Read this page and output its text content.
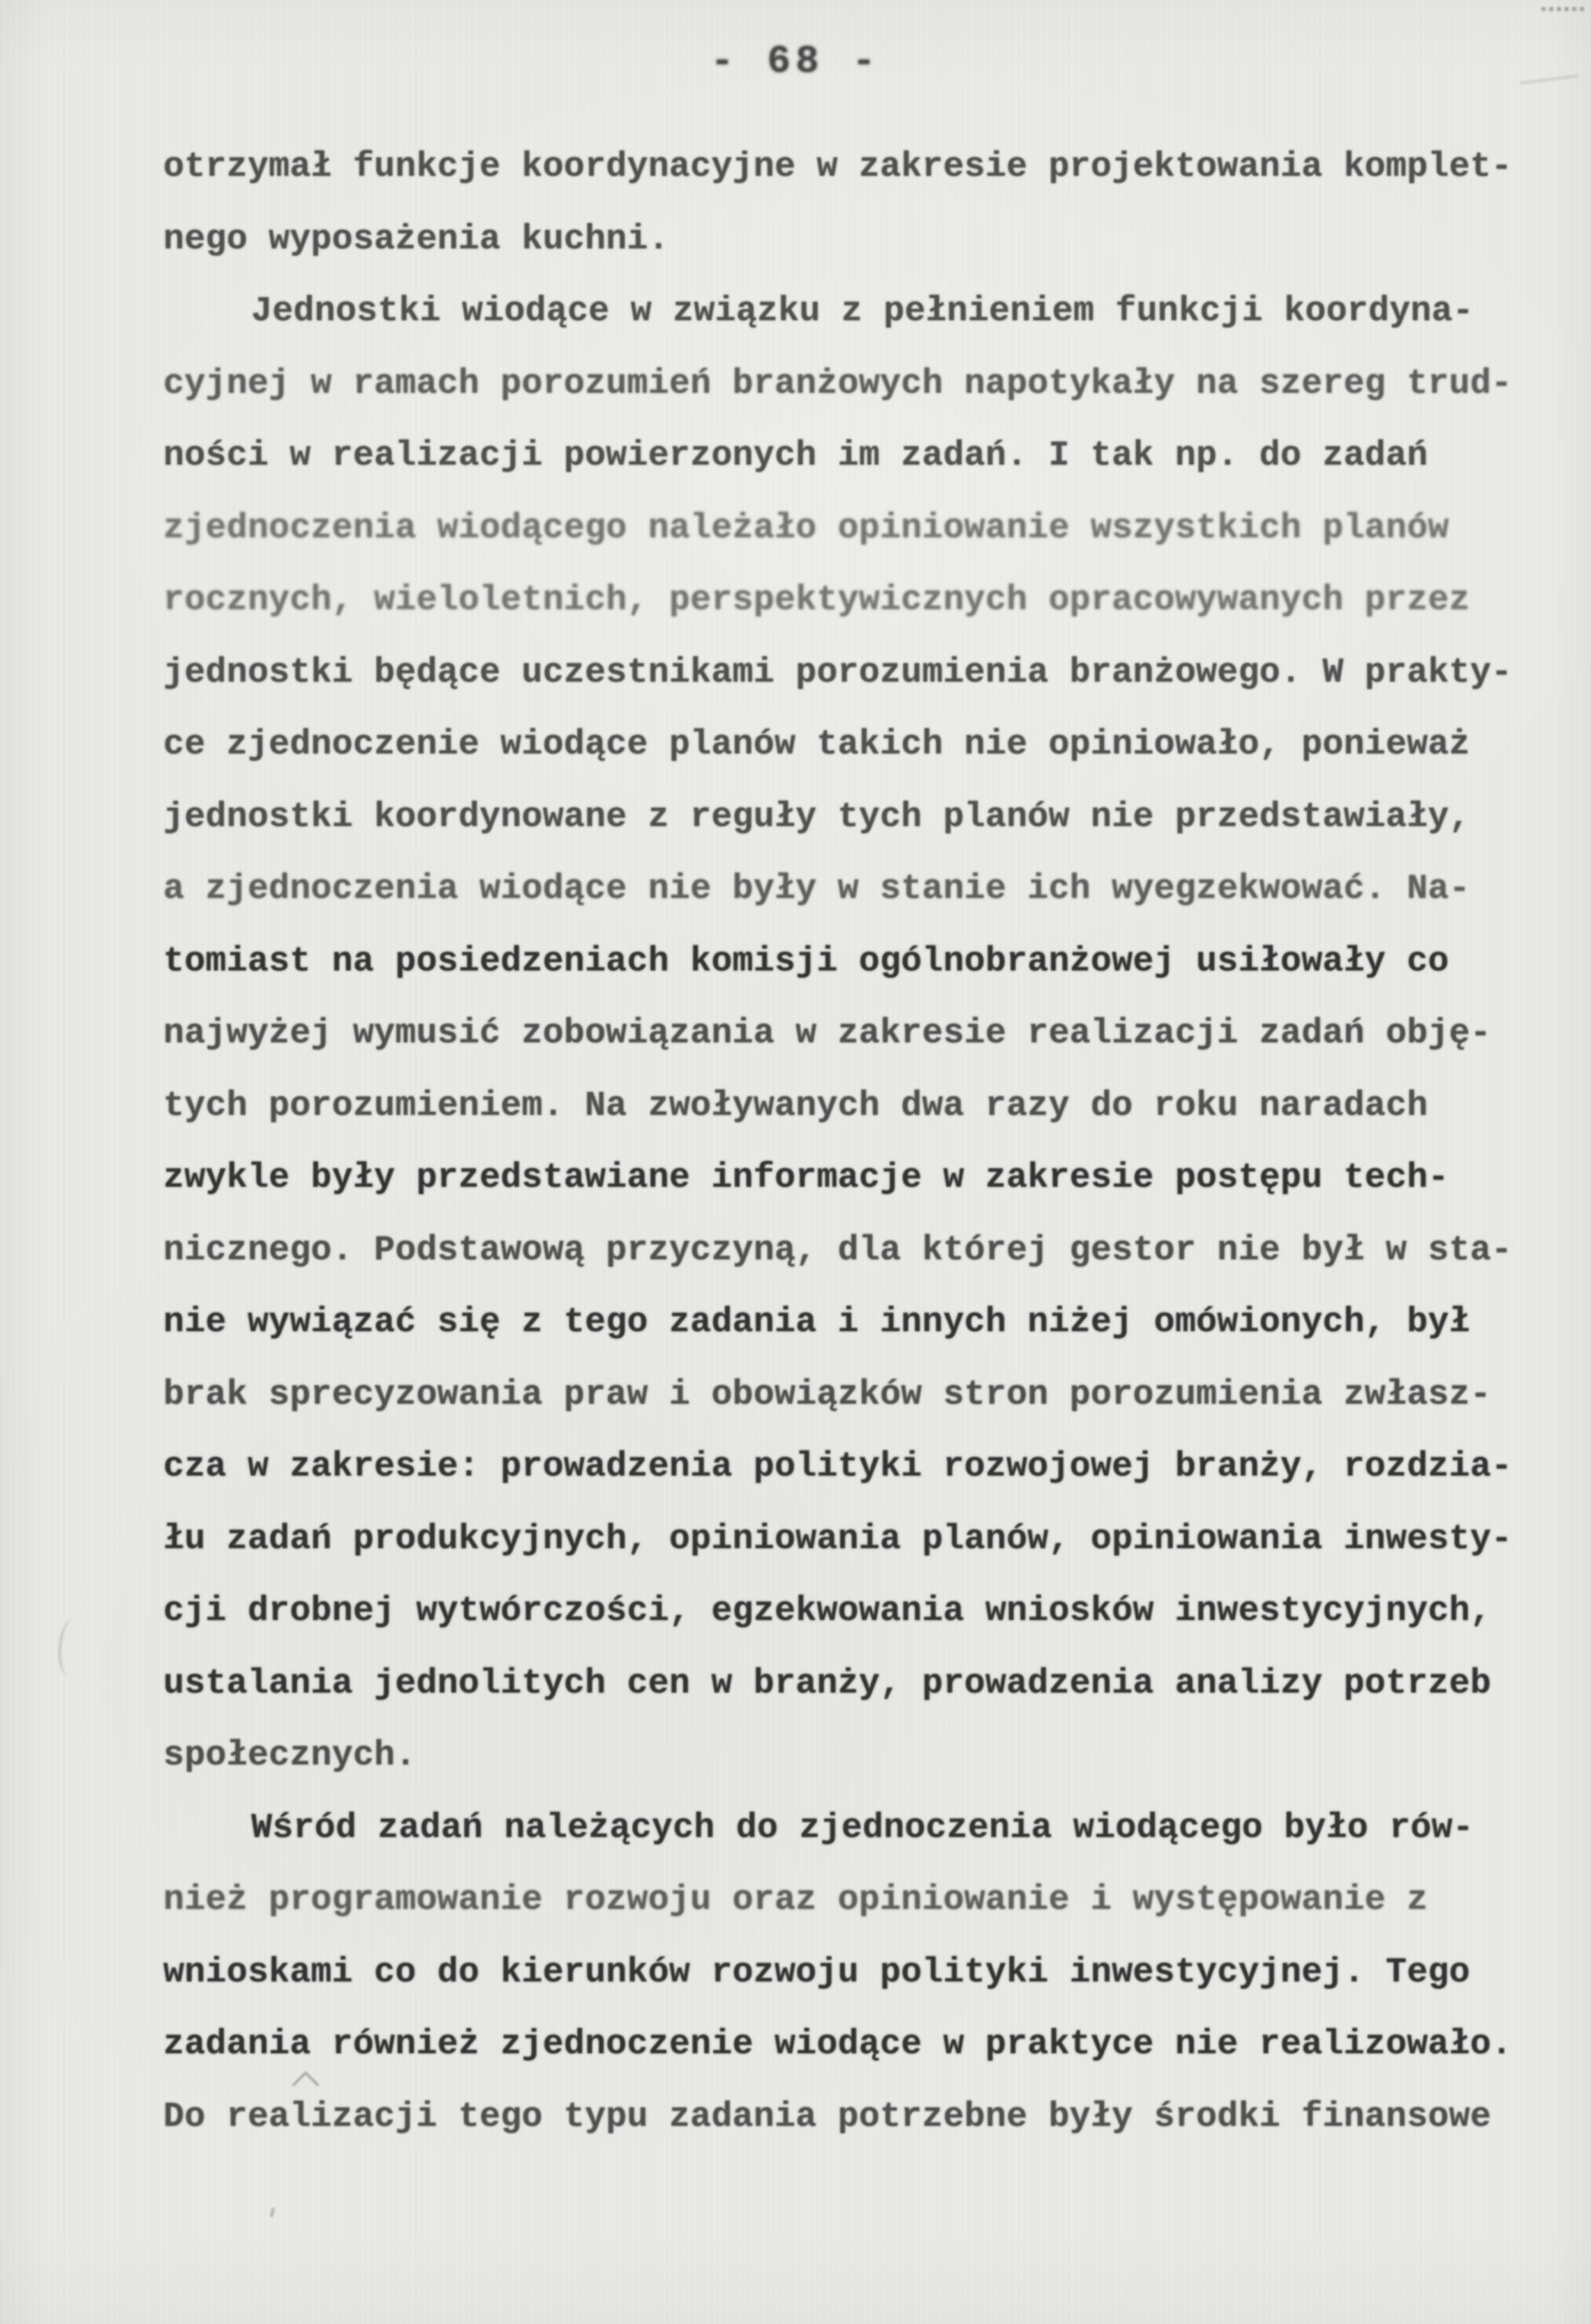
- 68 -
otrzymał funkcje koordynacyjne w zakresie projektowania komplet-
nego wyposażenia kuchni.
Jednostki wiodące w związku z pełnieniem funkcji koordyna-
cyjnej w ramach porozumień branżowych napotykały na szereg trud-
ności w realizacji powierzonych im zadań. I tak np. do zadań
zjednoczenia wiodącego należało opiniowanie wszystkich planów
rocznych, wieloletnich, perspektywicznych opracowywanych przez
jednostki będące uczestnikami porozumienia branżowego. W prakty-
ce zjednoczenie wiodące planów takich nie opiniowało, ponieważ
jednostki koordynowane z reguły tych planów nie przedstawiały,
a zjednoczenia wiodące nie były w stanie ich wyegzekwować. Na-
tomiast na posiedzeniach komisji ogólnobranżowej usiłowały co
najwyżej wymusić zobowiązania w zakresie realizacji zadań obję-
tych porozumieniem. Na zwoływanych dwa razy do roku naradach
zwykle były przedstawiane informacje w zakresie postępu tech-
nicznego. Podstawową przyczyną, dla której gestor nie był w sta-
nie wywiązać się z tego zadania i innych niżej omówionych, był
brak sprecyzowania praw i obowiązków stron porozumienia zwłasz-
cza w zakresie: prowadzenia polityki rozwojowej branży, rozdzia-
łu zadań produkcyjnych, opiniowania planów, opiniowania inwesty-
cji drobnej wytwórczości, egzekwowania wniosków inwestycyjnych,
ustalania jednolitych cen w branży, prowadzenia analizy potrzeb
społecznych.
Wśród zadań należących do zjednoczenia wiodącego było rów-
nież programowanie rozwoju oraz opiniowanie i występowanie z
wnioskami co do kierunków rozwoju polityki inwestycyjnej. Tego
zadania również zjednoczenie wiodące w praktyce nie realizowało.
Do realizacji tego typu zadania potrzebne były środki finansowe
